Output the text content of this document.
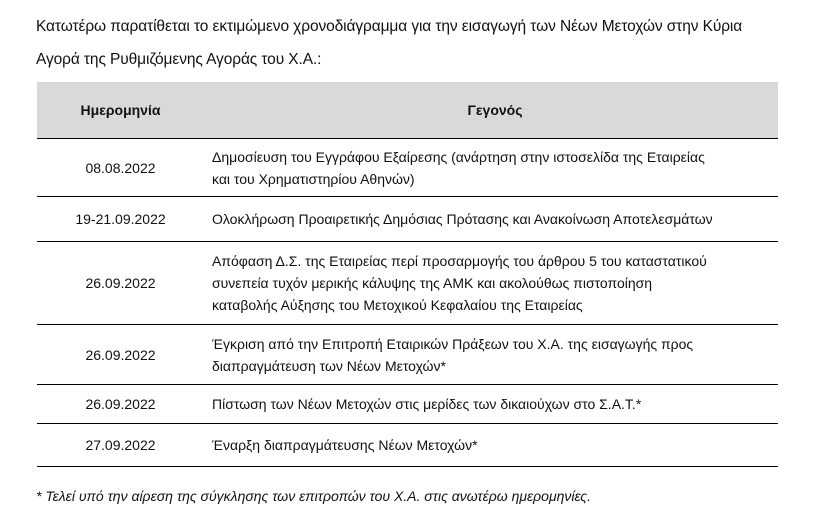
Κατωτέρω παρατίθεται το εκτιμώμενο χρονοδιάγραμμα για την εισαγωγή των Νέων Μετοχών στην Κύρια
Αγορά της Ρυθμιζόμενης Αγοράς του Χ.Α.:

Ημερομηνία	Γεγονός
08.08.2022	Δημοσίευση του Εγγράφου Εξαίρεσης (ανάρτηση στην ιστοσελίδα της Εταιρείας
και του Χρηματιστηρίου Αθηνών)

19-21.09.2022	Ολοκλήρωση Προαιρετικής Δημόσιας Πρότασης και Ανακοίνωση Αποτελεσμάτων

26.09.2022	Απόφαση Δ.Σ. της Εταιρείας περί προσαρμογής του άρθρου 5 του καταστατικού
συνεπεία τυχόν μερικής κάλυψης της ΑΜΚ και ακολούθως πιστοποίηση
καταβολής Αύξησης του Μετοχικού Κεφαλαίου της Εταιρείας

26.09.2022	Έγκριση από την Επιτροπή Εταιρικών Πράξεων του Χ.Α. της εισαγωγής προς
διαπραγμάτευση των Νέων Μετοχών*

26.09.2022	Πίστωση των Νέων Μετοχών στις μερίδες των δικαιούχων στο Σ.Α.Τ.*

27.09.2022	Έναρξη διαπραγμάτευσης Νέων Μετοχών*

* Τελεί υπό την αίρεση της σύγκλησης των επιτροπών του Χ.Α. στις ανωτέρω ημερομηνίες.
